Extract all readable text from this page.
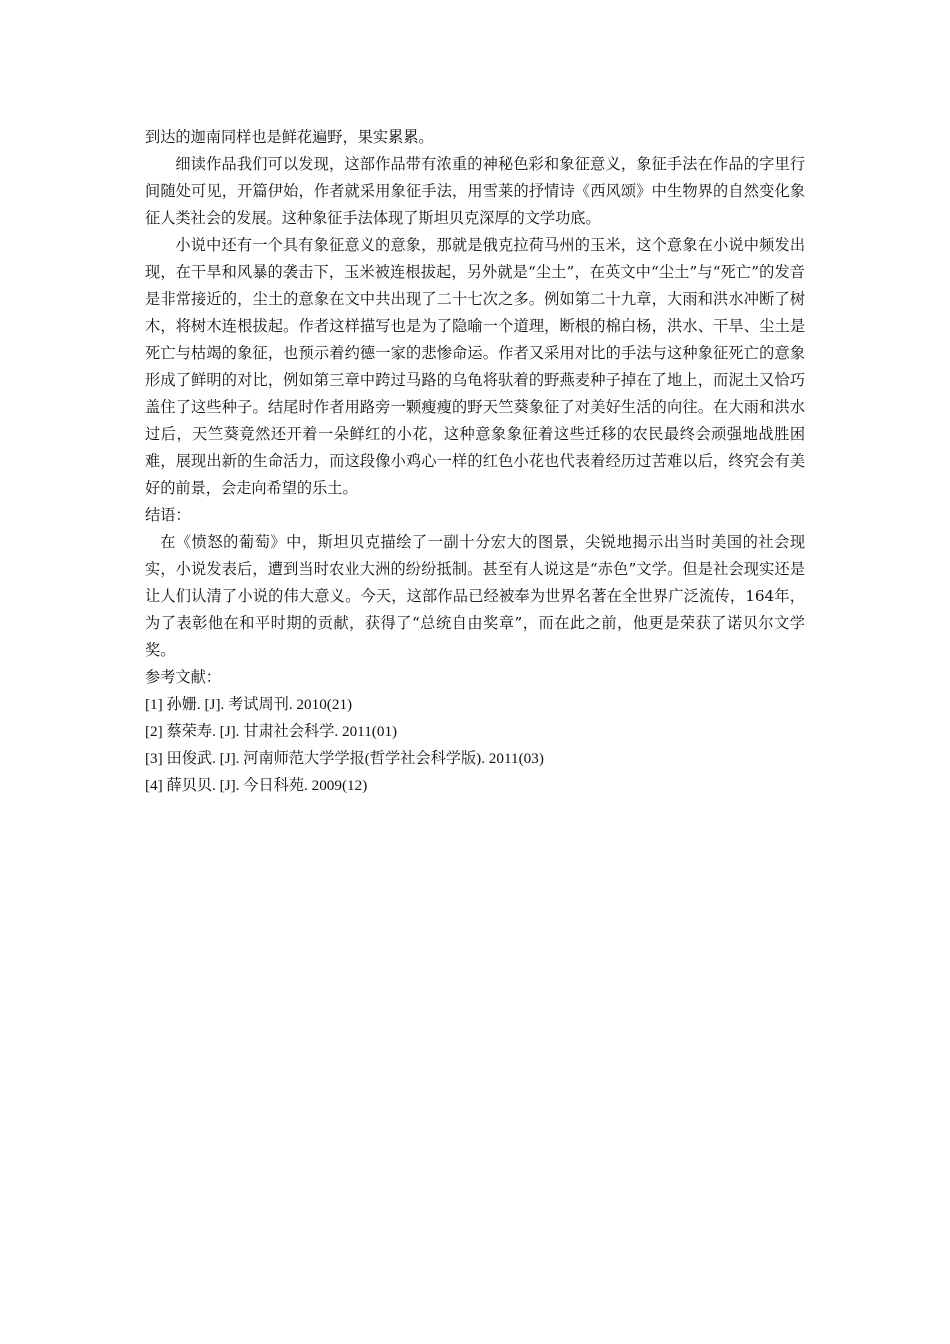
到达的迦南同样也是鲜花遍野，果实累累。

细读作品我们可以发现，这部作品带有浓重的神秘色彩和象征意义，象征手法在作品的字里行间随处可见，开篇伊始，作者就采用象征手法，用雪莱的抒情诗《西风颂》中生物界的自然变化象征人类社会的发展。这种象征手法体现了斯坦贝克深厚的文学功底。

小说中还有一个具有象征意义的意象，那就是俄克拉荷马州的玉米，这个意象在小说中频发出现，在干旱和风暴的袭击下，玉米被连根拔起，另外就是“尘土”，在英文中“尘土”与“死亡”的发音是非常接近的，尘土的意象在文中共出现了二十七次之多。例如第二十九章，大雨和洪水冲断了树木，将树木连根拔起。作者这样描写也是为了隐喻一个道理，断根的棉白杨，洪水、干旱、尘土是死亡与枯竭的象征，也预示着约德一家的悲惨命运。作者又采用对比的手法与这种象征死亡的意象形成了鲜明的对比，例如第三章中跨过马路的乌龟将驮着的野燕麦种子掉在了地上，而泥土又恰巧盖住了这些种子。结尾时作者用路旁一颗瘦瘦的野天竺葵象征了对美好生活的向往。在大雨和洪水过后，天竺葵竟然还开着一朵鲜红的小花，这种意象象征着这些迁移的农民最终会顽强地战胜困难，展现出新的生命活力，而这段像小鸡心一样的红色小花也代表着经历过苦难以后，终究会有美好的前景，会走向希望的乐土。

结语：

在《愤怒的葡萄》中，斯坦贝克描绘了一副十分宏大的图景，尖锐地揭示出当时美国的社会现实，小说发表后，遭到当时农业大洲的纷纷抵制。甚至有人说这是“赤色”文学。但是社会现实还是让人们认清了小说的伟大意义。今天，这部作品已经被奉为世界名著在全世界广泛流传，164年，为了表彰他在和平时期的贡献，获得了“总统自由奖章”，而在此之前，他更是荣获了诺贝尔文学奖。

参考文献：
[1] 孙姗. [J]. 考试周刊. 2010(21)
[2] 蔡荣寿. [J]. 甘肃社会科学. 2011(01)
[3] 田俊武. [J]. 河南师范大学学报(哲学社会科学版). 2011(03)
[4] 薛贝贝. [J]. 今日科苑. 2009(12)
